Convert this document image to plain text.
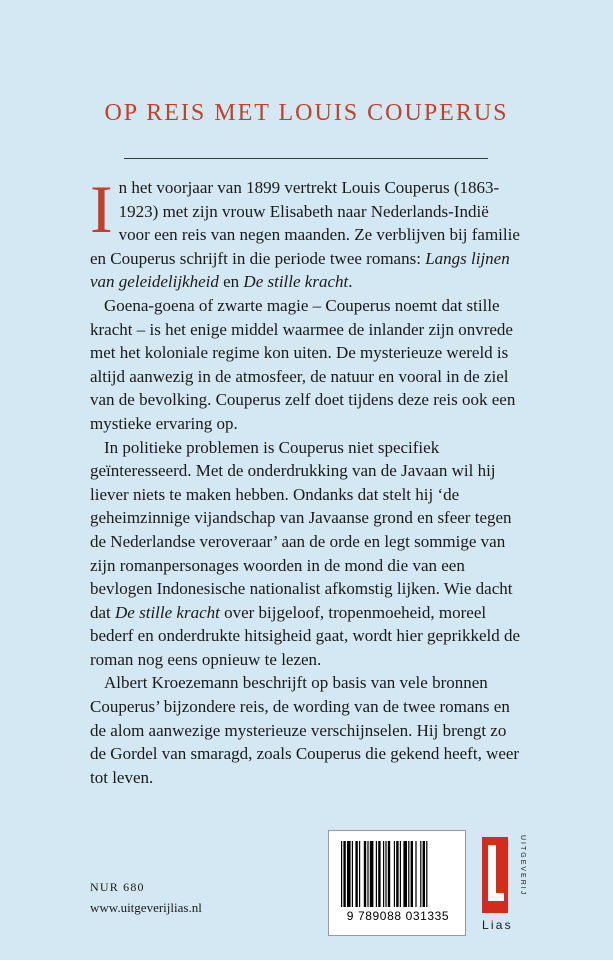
OP REIS MET LOUIS COUPERUS

In het voorjaar van 1899 vertrekt Louis Couperus (1863-1923) met zijn vrouw Elisabeth naar Nederlands-Indië voor een reis van negen maanden. Ze verblijven bij familie en Couperus schrijft in die periode twee romans: Langs lijnen van geleidelijkheid en De stille kracht.

Goena-goena of zwarte magie – Couperus noemt dat stille kracht – is het enige middel waarmee de inlander zijn onvrede met het koloniale regime kon uiten. De mysterieuze wereld is altijd aanwezig in de atmosfeer, de natuur en vooral in de ziel van de bevolking. Couperus zelf doet tijdens deze reis ook een mystieke ervaring op.

In politieke problemen is Couperus niet specifiek geïnteresseerd. Met de onderdrukking van de Javaan wil hij liever niets te maken hebben. Ondanks dat stelt hij ‘de geheimzinnige vijandschap van Javaanse grond en sfeer tegen de Nederlandse veroveraar’ aan de orde en legt sommige van zijn romanpersonages woorden in de mond die van een bevlogen Indonesische nationalist afkomstig lijken. Wie dacht dat De stille kracht over bijgeloof, tropenmoeheid, moreel bederf en onderdrukte hitsigheid gaat, wordt hier geprikkeld de roman nog eens opnieuw te lezen.

Albert Kroezemann beschrijft op basis van vele bronnen Couperus’ bijzondere reis, de wording van de twee romans en de alom aanwezige mysterieuze verschijnselen. Hij brengt zo de Gordel van smaragd, zoals Couperus die gekend heeft, weer tot leven.

9 789088 031335
UITGEVERIJ
Lias
NUR 680
www.uitgeverijlias.nl
